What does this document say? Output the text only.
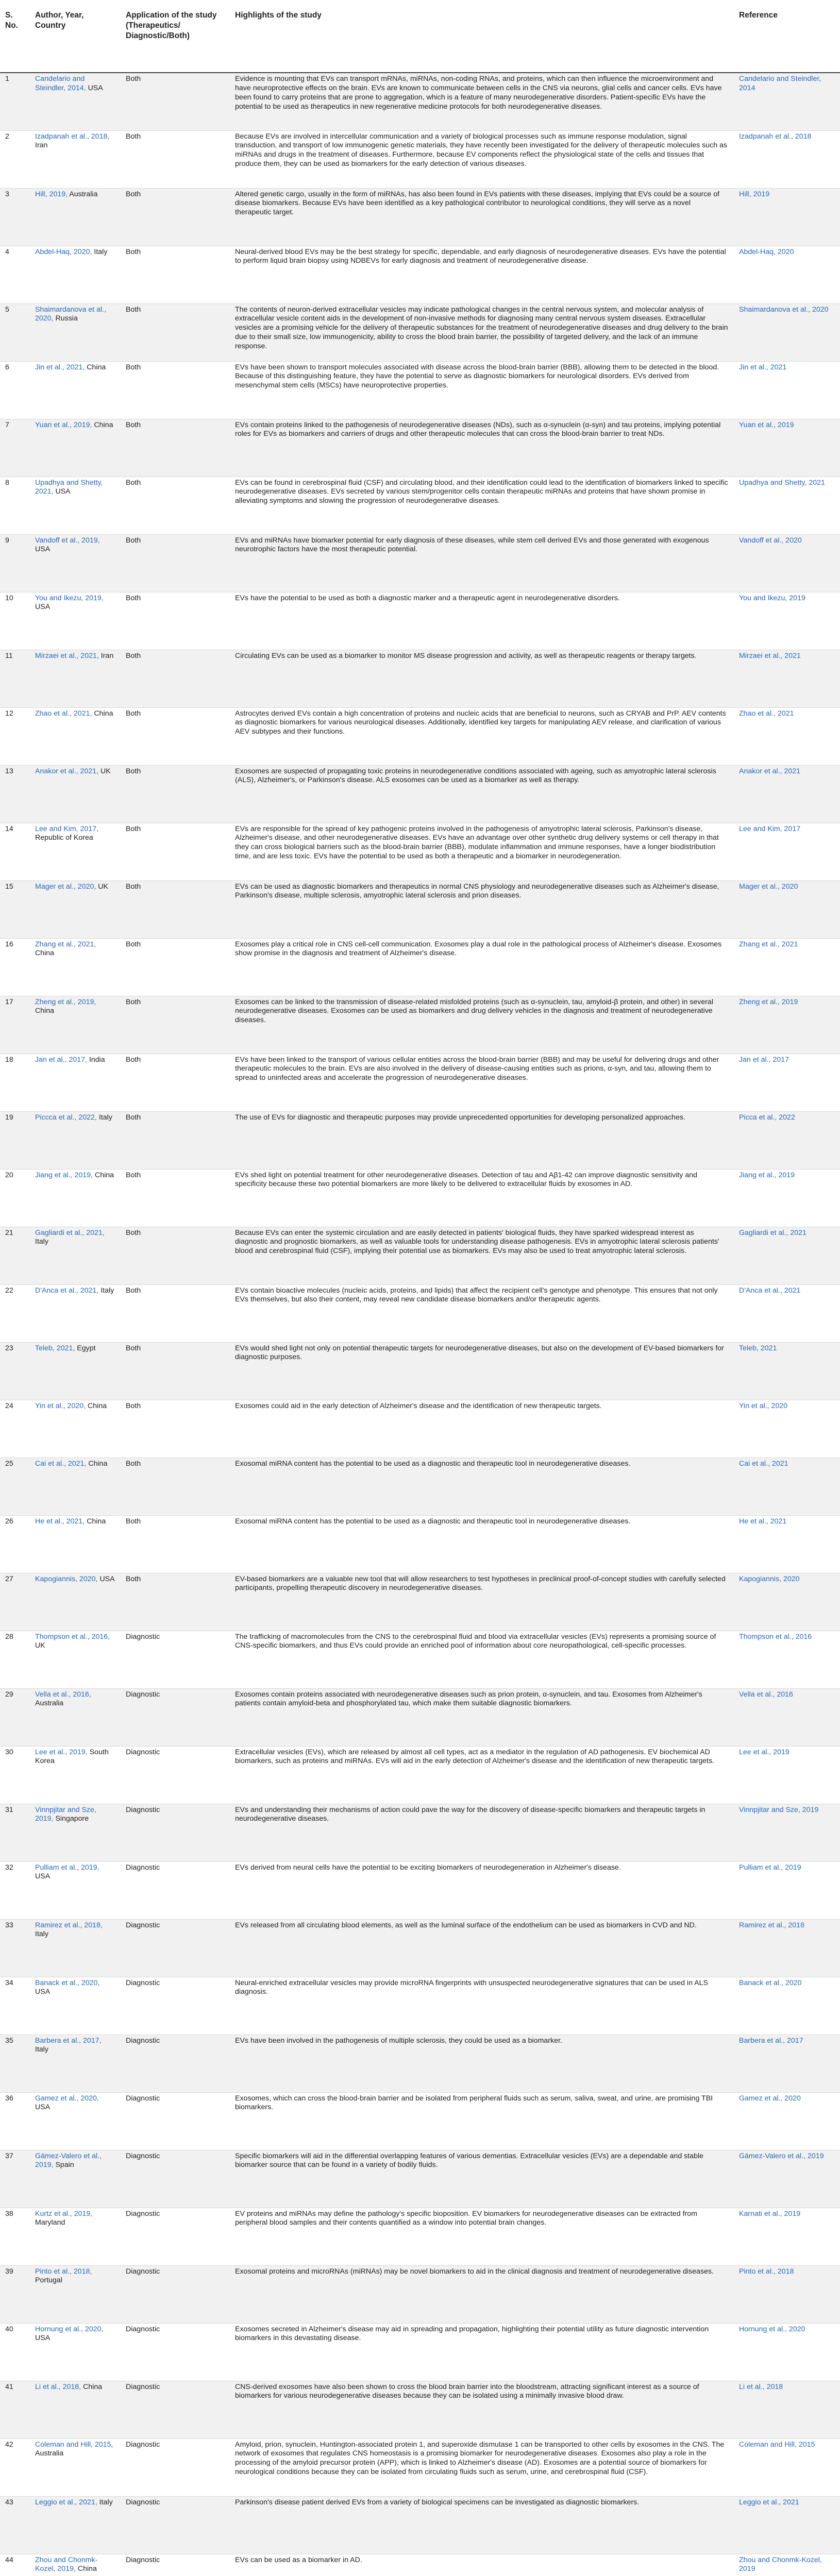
S. No.	Author, Year, Country	Application of the study (Therapeutics/ Diagnostic/Both)	Highlights of the study	Reference
1	Candelario and Steindler, 2014, USA	Both	Evidence is mounting that EVs can transport mRNAs, miRNAs, non-coding RNAs, and proteins, which can then influence the microenvironment and have neuroprotective effects on the brain. EVs are known to communicate between cells in the CNS via neurons, glial cells and cancer cells. EVs have been found to carry proteins that are prone to aggregation, which is a feature of many neurodegenerative disorders. Patient-specific EVs have the potential to be used as therapeutics in new regenerative medicine protocols for both neurodegenerative diseases.	Candelario and Steindler, 2014
2	Izadpanah et al., 2018, Iran	Both	Because EVs are involved in intercellular communication and a variety of biological processes such as immune response modulation, signal transduction, and transport of low immunogenic genetic materials, they have recently been investigated for the delivery of therapeutic molecules such as miRNAs and drugs in the treatment of diseases. Furthermore, because EV components reflect the physiological state of the cells and tissues that produce them, they can be used as biomarkers for the early detection of various diseases.	Izadpanah et al., 2018
3	Hill, 2019, Australia	Both	Altered genetic cargo, usually in the form of miRNAs, has also been found in EVs patients with these diseases, implying that EVs could be a source of disease biomarkers. Because EVs have been identified as a key pathological contributor to neurological conditions, they will serve as a novel therapeutic target.	Hill, 2019
4	Abdel-Haq, 2020, Italy	Both	Neural-derived blood EVs may be the best strategy for specific, dependable, and early diagnosis of neurodegenerative diseases. EVs have the potential to perform liquid brain biopsy using NDBEVs for early diagnosis and treatment of neurodegenerative disease.	Abdel-Haq, 2020
5	Shaimardanova et al., 2020, Russia	Both	The contents of neuron-derived extracellular vesicles may indicate pathological changes in the central nervous system, and molecular analysis of extracellular vesicle content aids in the development of non-invasive methods for diagnosing many central nervous system diseases. Extracellular vesicles are a promising vehicle for the delivery of therapeutic substances for the treatment of neurodegenerative diseases and drug delivery to the brain due to their small size, low immunogenicity, ability to cross the blood brain barrier, the possibility of targeted delivery, and the lack of an immune response.	Shaimardanova et al., 2020
6	Jin et al., 2021, China	Both	EVs have been shown to transport molecules associated with disease across the blood-brain barrier (BBB), allowing them to be detected in the blood. Because of this distinguishing feature, they have the potential to serve as diagnostic biomarkers for neurological disorders. EVs derived from mesenchymal stem cells (MSCs) have neuroprotective properties.	Jin et al., 2021
7	Yuan et al., 2019, China	Both	EVs contain proteins linked to the pathogenesis of neurodegenerative diseases (NDs), such as α-synuclein (α-syn) and tau proteins, implying potential roles for EVs as biomarkers and carriers of drugs and other therapeutic molecules that can cross the blood-brain barrier to treat NDs.	Yuan et al., 2019
8	Upadhya and Shetty, 2021, USA	Both	EVs can be found in cerebrospinal fluid (CSF) and circulating blood, and their identification could lead to the identification of biomarkers linked to specific neurodegenerative diseases. EVs secreted by various stem/progenitor cells contain therapeutic miRNAs and proteins that have shown promise in alleviating symptoms and slowing the progression of neurodegenerative diseases.	Upadhya and Shetty, 2021
9	Vandoff et al., 2019, USA	Both	EVs and miRNAs have biomarker potential for early diagnosis of these diseases, while stem cell derived EVs and those generated with exogenous neurotrophic factors have the most therapeutic potential.	Vandoff et al., 2020
10	You and Ikezu, 2019, USA	Both	EVs have the potential to be used as both a diagnostic marker and a therapeutic agent in neurodegenerative disorders.	You and Ikezu, 2019
11	Mirzaei et al., 2021, Iran	Both	Circulating EVs can be used as a biomarker to monitor MS disease progression and activity, as well as therapeutic reagents or therapy targets.	Mirzaei et al., 2021
12	Zhao et al., 2021, China	Both	Astrocytes derived EVs contain a high concentration of proteins and nucleic acids that are beneficial to neurons, such as CRYAB and PrP. AEV contents as diagnostic biomarkers for various neurological diseases. Additionally, identified key targets for manipulating AEV release, and clarification of various AEV subtypes and their functions.	Zhao et al., 2021
13	Anakor et al., 2021, UK	Both	Exosomes are suspected of propagating toxic proteins in neurodegenerative conditions associated with ageing, such as amyotrophic lateral sclerosis (ALS), Alzheimer's, or Parkinson's disease. ALS exosomes can be used as a biomarker as well as therapy.	Anakor et al., 2021
14	Lee and Kim, 2017, Republic of Korea	Both	EVs are responsible for the spread of key pathogenic proteins involved in the pathogenesis of amyotrophic lateral sclerosis, Parkinson's disease, Alzheimer's disease, and other neurodegenerative diseases. EVs have an advantage over other synthetic drug delivery systems or cell therapy in that they can cross biological barriers such as the blood-brain barrier (BBB), modulate inflammation and immune responses, have a longer biodistribution time, and are less toxic. EVs have the potential to be used as both a therapeutic and a biomarker in neurodegeneration.	Lee and Kim, 2017
15	Mager et al., 2020, UK	Both	EVs can be used as diagnostic biomarkers and therapeutics in normal CNS physiology and neurodegenerative diseases such as Alzheimer's disease, Parkinson's disease, multiple sclerosis, amyotrophic lateral sclerosis and prion diseases.	Mager et al., 2020
16	Zhang et al., 2021, China	Both	Exosomes play a critical role in CNS cell-cell communication. Exosomes play a dual role in the pathological process of Alzheimer's disease. Exosomes show promise in the diagnosis and treatment of Alzheimer's disease.	Zhang et al., 2021
17	Zheng et al., 2019, China	Both	Exosomes can be linked to the transmission of disease-related misfolded proteins (such as α-synuclein, tau, amyloid-β protein, and other) in several neurodegenerative diseases. Exosomes can be used as biomarkers and drug delivery vehicles in the diagnosis and treatment of neurodegenerative diseases.	Zheng et al., 2019
18	Jan et al., 2017, India	Both	EVs have been linked to the transport of various cellular entities across the blood-brain barrier (BBB) and may be useful for delivering drugs and other therapeutic molecules to the brain. EVs are also involved in the delivery of disease-causing entities such as prions, α-syn, and tau, allowing them to spread to uninfected areas and accelerate the progression of neurodegenerative diseases.	Jan et al., 2017
19	Piccca et al., 2022, Italy	Both	The use of EVs for diagnostic and therapeutic purposes may provide unprecedented opportunities for developing personalized approaches.	Picca et al., 2022
20	Jiang et al., 2019, China	Both	EVs shed light on potential treatment for other neurodegenerative diseases. Detection of tau and Aβ1-42 can improve diagnostic sensitivity and specificity because these two potential biomarkers are more likely to be delivered to extracellular fluids by exosomes in AD.	Jiang et al., 2019
21	Gagliardi et al., 2021, Italy	Both	Because EVs can enter the systemic circulation and are easily detected in patients' biological fluids, they have sparked widespread interest as diagnostic and prognostic biomarkers, as well as valuable tools for understanding disease pathogenesis. EVs in amyotrophic lateral sclerosis patients' blood and cerebrospinal fluid (CSF), implying their potential use as biomarkers. EVs may also be used to treat amyotrophic lateral sclerosis.	Gagliardi et al., 2021
22	D'Anca et al., 2021, Italy	Both	EVs contain bioactive molecules (nucleic acids, proteins, and lipids) that affect the recipient cell's genotype and phenotype. This ensures that not only EVs themselves, but also their content, may reveal new candidate disease biomarkers and/or therapeutic agents.	D'Anca et al., 2021
23	Teleb, 2021, Egypt	Both	EVs would shed light not only on potential therapeutic targets for neurodegenerative diseases, but also on the development of EV-based biomarkers for diagnostic purposes.	Teleb, 2021
24	Yin et al., 2020, China	Both	Exosomes could aid in the early detection of Alzheimer's disease and the identification of new therapeutic targets.	Yin et al., 2020
25	Cai et al., 2021, China	Both	Exosomal miRNA content has the potential to be used as a diagnostic and therapeutic tool in neurodegenerative diseases.	Cai et al., 2021
26	He et al., 2021, China	Both	Exosomal miRNA content has the potential to be used as a diagnostic and therapeutic tool in neurodegenerative diseases.	He et al., 2021
27	Kapogiannis, 2020, USA	Both	EV-based biomarkers are a valuable new tool that will allow researchers to test hypotheses in preclinical proof-of-concept studies with carefully selected participants, propelling therapeutic discovery in neurodegenerative diseases.	Kapogiannis, 2020
28	Thompson et al., 2016, UK	Diagnostic	The trafficking of macromolecules from the CNS to the cerebrospinal fluid and blood via extracellular vesicles (EVs) represents a promising source of CNS-specific biomarkers, and thus EVs could provide an enriched pool of information about core neuropathological, cell-specific processes.	Thompson et al., 2016
29	Vella et al., 2016, Australia	Diagnostic	Exosomes contain proteins associated with neurodegenerative diseases such as prion protein, α-synuclein, and tau. Exosomes from Alzheimer's patients contain amyloid-beta and phosphorylated tau, which make them suitable diagnostic biomarkers.	Vella et al., 2016
30	Lee et al., 2019, South Korea	Diagnostic	Extracellular vesicles (EVs), which are released by almost all cell types, act as a mediator in the regulation of AD pathogenesis. EV biochemical AD biomarkers, such as proteins and miRNAs. EVs will aid in the early detection of Alzheimer's disease and the identification of new therapeutic targets.	Lee et al., 2019
31	Vinnpjitar and Sze, 2019, Singapore	Diagnostic	EVs and understanding their mechanisms of action could pave the way for the discovery of disease-specific biomarkers and therapeutic targets in neurodegenerative diseases.	Vinnpjitar and Sze, 2019
32	Pulliam et al., 2019, USA	Diagnostic	EVs derived from neural cells have the potential to be exciting biomarkers of neurodegeneration in Alzheimer's disease.	Pulliam et al., 2019
33	Ramirez et al., 2018, Italy	Diagnostic	EVs released from all circulating blood elements, as well as the luminal surface of the endothelium can be used as biomarkers in CVD and ND.	Ramirez et al., 2018
34	Banack et al., 2020, USA	Diagnostic	Neural-enriched extracellular vesicles may provide microRNA fingerprints with unsuspected neurodegenerative signatures that can be used in ALS diagnosis.	Banack et al., 2020
35	Barbera et al., 2017, Italy	Diagnostic	EVs have been involved in the pathogenesis of multiple sclerosis, they could be used as a biomarker.	Barbera et al., 2017
36	Gamez et al., 2020, USA	Diagnostic	Exosomes, which can cross the blood-brain barrier and be isolated from peripheral fluids such as serum, saliva, sweat, and urine, are promising TBI biomarkers.	Gamez et al., 2020
37	Gámez-Valero et al., 2019, Spain	Diagnostic	Specific biomarkers will aid in the differential overlapping features of various dementias. Extracellular vesicles (EVs) are a dependable and stable biomarker source that can be found in a variety of bodily fluids.	Gámez-Valero et al., 2019
38	Kurtz et al., 2019, Maryland	Diagnostic	EV proteins and miRNAs may define the pathology's specific bioposition. EV biomarkers for neurodegenerative diseases can be extracted from peripheral blood samples and their contents quantified as a window into potential brain changes.	Karnati et al., 2019
39	Pinto et al., 2018, Portugal	Diagnostic	Exosomal proteins and microRNAs (miRNAs) may be novel biomarkers to aid in the clinical diagnosis and treatment of neurodegenerative diseases.	Pinto et al., 2018
40	Hornung et al., 2020, USA	Diagnostic	Exosomes secreted in Alzheimer's disease may aid in spreading and propagation, highlighting their potential utility as future diagnostic intervention biomarkers in this devastating disease.	Hornung et al., 2020
41	Li et al., 2018, China	Diagnostic	CNS-derived exosomes have also been shown to cross the blood brain barrier into the bloodstream, attracting significant interest as a source of biomarkers for various neurodegenerative diseases because they can be isolated using a minimally invasive blood draw.	Li et al., 2018
42	Coleman and Hill, 2015, Australia	Diagnostic	Amyloid, prion, synuclein, Huntington-associated protein 1, and superoxide dismutase 1 can be transported to other cells by exosomes in the CNS. The network of exosomes that regulates CNS homeostasis is a promising biomarker for neurodegenerative diseases. Exosomes also play a role in the processing of the amyloid precursor protein (APP), which is linked to Alzheimer's disease (AD). Exosomes are a potential source of biomarkers for neurological conditions because they can be isolated from circulating fluids such as serum, urine, and cerebrospinal fluid (CSF).	Coleman and Hill, 2015
43	Leggio et al., 2021, Italy	Diagnostic	Parkinson's disease patient derived EVs from a variety of biological specimens can be investigated as diagnostic biomarkers.	Leggio et al., 2021
44	Zhou and Chonmk-Kozel, 2019, China	Diagnostic	EVs can be used as a biomarker in AD.	Zhou and Chonmk-Kozel, 2019
